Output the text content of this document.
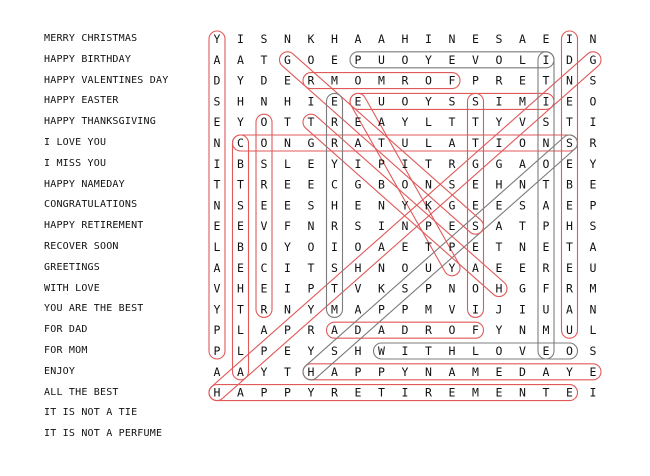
MERRY CHRISTMAS
HAPPY BIRTHDAY
HAPPY VALENTINES DAY
HAPPY EASTER
HAPPY THANKSGIVING
I LOVE YOU
I MISS YOU
HAPPY NAMEDAY
CONGRATULATIONS
HAPPY RETIREMENT
RECOVER SOON
GREETINGS
WITH LOVE
YOU ARE THE BEST
FOR DAD
FOR MOM
ENJOY
ALL THE BEST
IT IS NOT A TIE
IT IS NOT A PERFUME
Y I S N K H A A H I N E S A E I N
A A T G O E P U O Y E V O L I D G
D Y D E R M O M R O F P R E T N S
S H N H I E E U O Y S S I M I E O
E Y O T T R E A Y L T T Y V S T I
N C O N G R A T U L A T I O N S R
I B S L E Y I P I T R G G A O E Y
T T R E E C G B O N S E H N T B E
N S E E S H E N Y K G E E S A E P
E E V F N R S I N P E S A T P H S
L B O Y O I O A E T P E T N E T A
A E C I T S H N O U Y A E E R E U
V H E I P T V K S P N O H G F R M
Y T R N Y M A P P M V I J I U A N
P L A P R A D A D R O F Y N M U L
P L P E Y S H W I T H L O V E O S
A A Y T H A P P Y N A M E D A Y E
H A P P Y R E T I R E M E N T E I
